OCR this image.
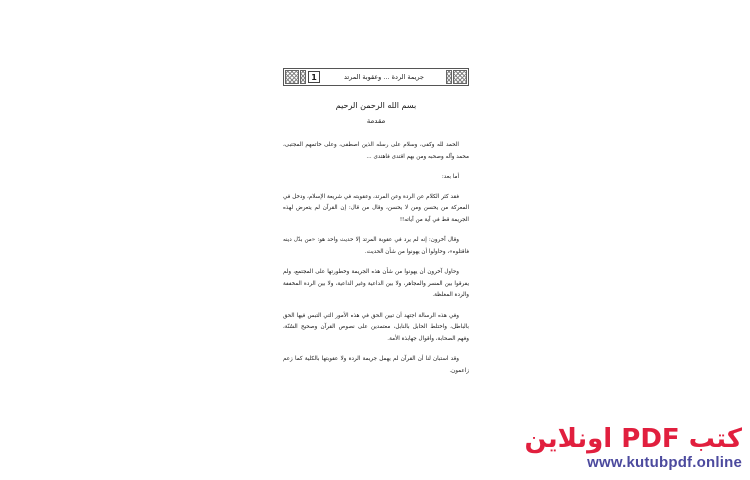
1	جريمة الردة ... وعقوبة المرتد
بسم الله الرحمن الرحيم
مقدمة

الحمد لله وكفى، وسلام على رسله الذين اصطفى، وعلى خاتمهم المجتبى، محمد وآله وصحبه ومن بهم اقتدى فاهتدى ...

أما بعد:

فقد كثر الكلام عن الردة وعن المرتد، وعقوبته في شريعة الإسلام، ودخل في المعركة من يحسن ومن لا يحسن، وقال من قال: إن القرآن لم يتعرض لهذه الجريمة قط في آية من آياته!!

وقال آخرون: إنه لم يرد في عقوبة المرتد إلا حديث واحد هو: «من بدّل دينه فاقتلوه»، وحاولوا أن يهونوا من شأن الحديث.

وحاول آخرون أن يهونوا من شأن هذه الجريمة وخطورتها على المجتمع، ولم يفرقوا بين المسر والمجاهر، ولا بين الداعية وغير الداعية، ولا بين الردة المخففة والردة المغلظة.

وفي هذه الرسالة اجتهد أن تبين الحق في هذه الأمور التي التبس فيها الحق بالباطل، واختلط الحابل بالنابل، معتمدين على نصوص القرآن وصحيح السُنّة، وفهم الصحابة، وأقوال جهابذة الأمة.

وقد استبان لنا أن القرآن لم يهمل جريمة الردة ولا عقوبتها بالكلية كما زعم زاعمون.

كتب PDF اونلاين
www.kutubpdf.online
